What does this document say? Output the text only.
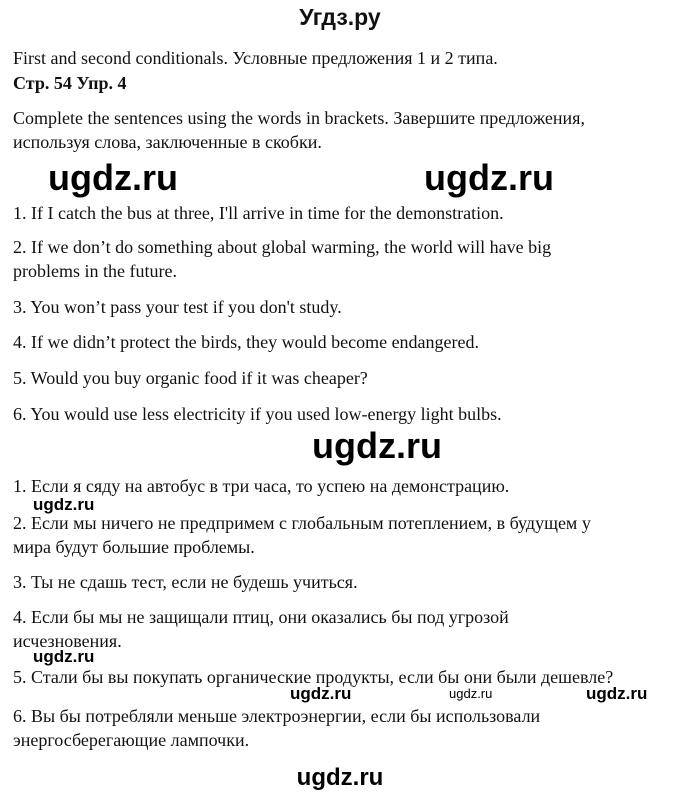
Угдз.ру
First and second conditionals. Условные предложения 1 и 2 типа.
Стр. 54 Упр. 4
Complete the sentences using the words in brackets. Завершите предложения,
используя слова, заключенные в скобки.
ugdz.ru	ugdz.ru
1. If I catch the bus at three, I'll arrive in time for the demonstration.
2. If we don’t do something about global warming, the world will have big
problems in the future.
3. You won’t pass your test if you don't study.
4. If we didn’t protect the birds, they would become endangered.
5. Would you buy organic food if it was cheaper?
6. You would use less electricity if you used low-energy light bulbs.
ugdz.ru
1. Если я сяду на автобус в три часа, то успею на демонстрацию.
ugdz.ru
2. Если мы ничего не предпримем с глобальным потеплением, в будущем у
мира будут большие проблемы.
3. Ты не сдашь тест, если не будешь учиться.
4. Если бы мы не защищали птиц, они оказались бы под угрозой
исчезновения.
ugdz.ru
5. Стали бы вы покупать органические продукты, если бы они были дешевле?
ugdz.ru	ugdz.ru	ugdz.ru
6. Вы бы потребляли меньше электроэнергии, если бы использовали
энергосберегающие лампочки.
ugdz.ru
